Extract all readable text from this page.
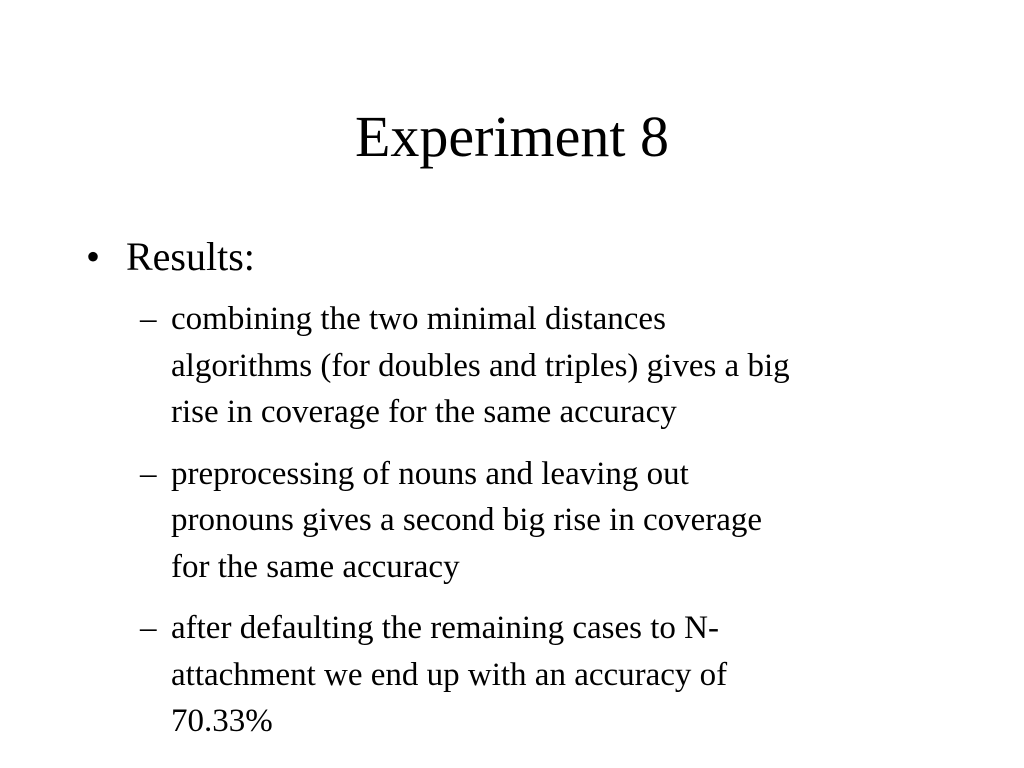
Experiment 8
• Results:
– combining the two minimal distances
algorithms (for doubles and triples) gives a big
rise in coverage for the same accuracy
– preprocessing of nouns and leaving out
pronouns gives a second big rise in coverage
for the same accuracy
– after defaulting the remaining cases to N-
attachment we end up with an accuracy of
70.33%
